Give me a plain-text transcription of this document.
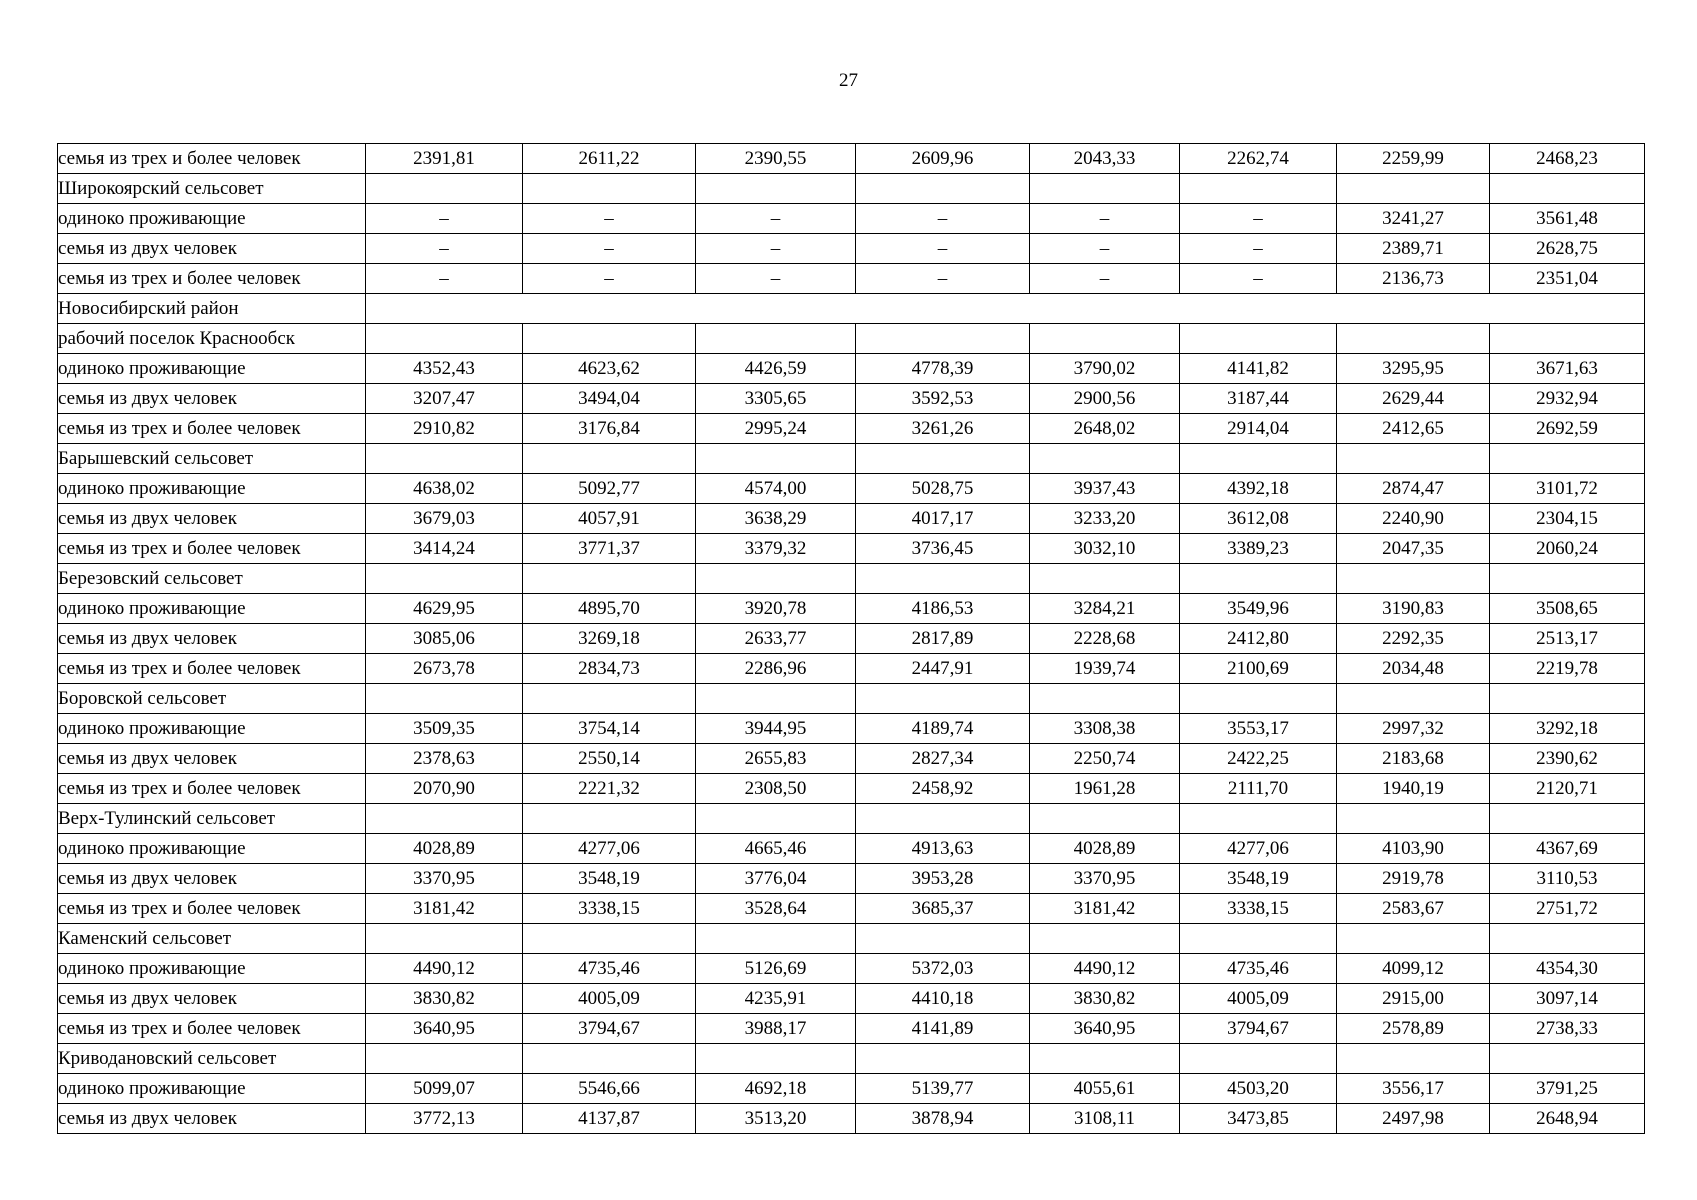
27
семья из трех и более человек	2391,81	2611,22	2390,55	2609,96	2043,33	2262,74	2259,99	2468,23
Широкоярский сельсовет								
одиноко проживающие	–	–	–	–	–	–	3241,27	3561,48
семья из двух человек	–	–	–	–	–	–	2389,71	2628,75
семья из трех и более человек	–	–	–	–	–	–	2136,73	2351,04
Новосибирский район								
рабочий поселок Краснообск								
одиноко проживающие	4352,43	4623,62	4426,59	4778,39	3790,02	4141,82	3295,95	3671,63
семья из двух человек	3207,47	3494,04	3305,65	3592,53	2900,56	3187,44	2629,44	2932,94
семья из трех и более человек	2910,82	3176,84	2995,24	3261,26	2648,02	2914,04	2412,65	2692,59
Барышевский сельсовет								
одиноко проживающие	4638,02	5092,77	4574,00	5028,75	3937,43	4392,18	2874,47	3101,72
семья из двух человек	3679,03	4057,91	3638,29	4017,17	3233,20	3612,08	2240,90	2304,15
семья из трех и более человек	3414,24	3771,37	3379,32	3736,45	3032,10	3389,23	2047,35	2060,24
Березовский сельсовет								
одиноко проживающие	4629,95	4895,70	3920,78	4186,53	3284,21	3549,96	3190,83	3508,65
семья из двух человек	3085,06	3269,18	2633,77	2817,89	2228,68	2412,80	2292,35	2513,17
семья из трех и более человек	2673,78	2834,73	2286,96	2447,91	1939,74	2100,69	2034,48	2219,78
Боровской сельсовет								
одиноко проживающие	3509,35	3754,14	3944,95	4189,74	3308,38	3553,17	2997,32	3292,18
семья из двух человек	2378,63	2550,14	2655,83	2827,34	2250,74	2422,25	2183,68	2390,62
семья из трех и более человек	2070,90	2221,32	2308,50	2458,92	1961,28	2111,70	1940,19	2120,71
Верх-Тулинский сельсовет								
одиноко проживающие	4028,89	4277,06	4665,46	4913,63	4028,89	4277,06	4103,90	4367,69
семья из двух человек	3370,95	3548,19	3776,04	3953,28	3370,95	3548,19	2919,78	3110,53
семья из трех и более человек	3181,42	3338,15	3528,64	3685,37	3181,42	3338,15	2583,67	2751,72
Каменский сельсовет								
одиноко проживающие	4490,12	4735,46	5126,69	5372,03	4490,12	4735,46	4099,12	4354,30
семья из двух человек	3830,82	4005,09	4235,91	4410,18	3830,82	4005,09	2915,00	3097,14
семья из трех и более человек	3640,95	3794,67	3988,17	4141,89	3640,95	3794,67	2578,89	2738,33
Криводановский сельсовет								
одиноко проживающие	5099,07	5546,66	4692,18	5139,77	4055,61	4503,20	3556,17	3791,25
семья из двух человек	3772,13	4137,87	3513,20	3878,94	3108,11	3473,85	2497,98	2648,94
